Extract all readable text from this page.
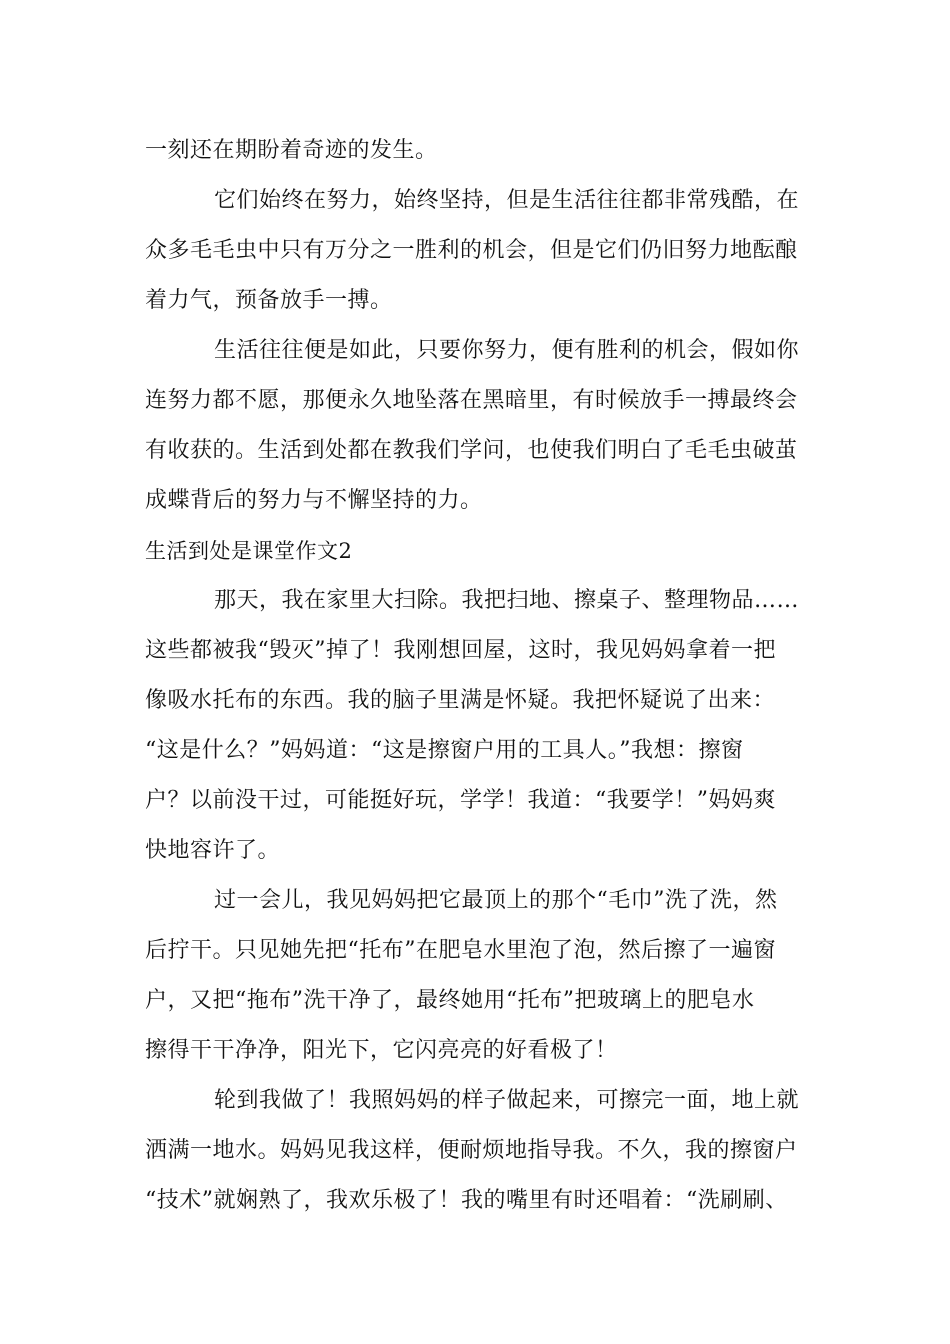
一刻还在期盼着奇迹的发生。
它们始终在努力，始终坚持，但是生活往往都非常残酷，在
众多毛毛虫中只有万分之一胜利的机会，但是它们仍旧努力地酝酿
着力气，预备放手一搏。
生活往往便是如此，只要你努力，便有胜利的机会，假如你
连努力都不愿，那便永久地坠落在黑暗里，有时候放手一搏最终会
有收获的。生活到处都在教我们学问，也使我们明白了毛毛虫破茧
成蝶背后的努力与不懈坚持的力。
生活到处是课堂作文2
那天，我在家里大扫除。我把扫地、擦桌子、整理物品……
这些都被我“毁灭”掉了！我刚想回屋，这时，我见妈妈拿着一把
像吸水托布的东西。我的脑子里满是怀疑。我把怀疑说了出来：
“这是什么？”妈妈道：“这是擦窗户用的工具人。”我想：擦窗
户？以前没干过，可能挺好玩，学学！我道：“我要学！”妈妈爽
快地容许了。
过一会儿，我见妈妈把它最顶上的那个“毛巾”洗了洗，然
后拧干。只见她先把“托布”在肥皂水里泡了泡，然后擦了一遍窗
户，又把“拖布”洗干净了，最终她用“托布”把玻璃上的肥皂水
擦得干干净净，阳光下，它闪亮亮的好看极了！
轮到我做了！我照妈妈的样子做起来，可擦完一面，地上就
洒满一地水。妈妈见我这样，便耐烦地指导我。不久，我的擦窗户
“技术”就娴熟了，我欢乐极了！我的嘴里有时还唱着：“洗刷刷、
